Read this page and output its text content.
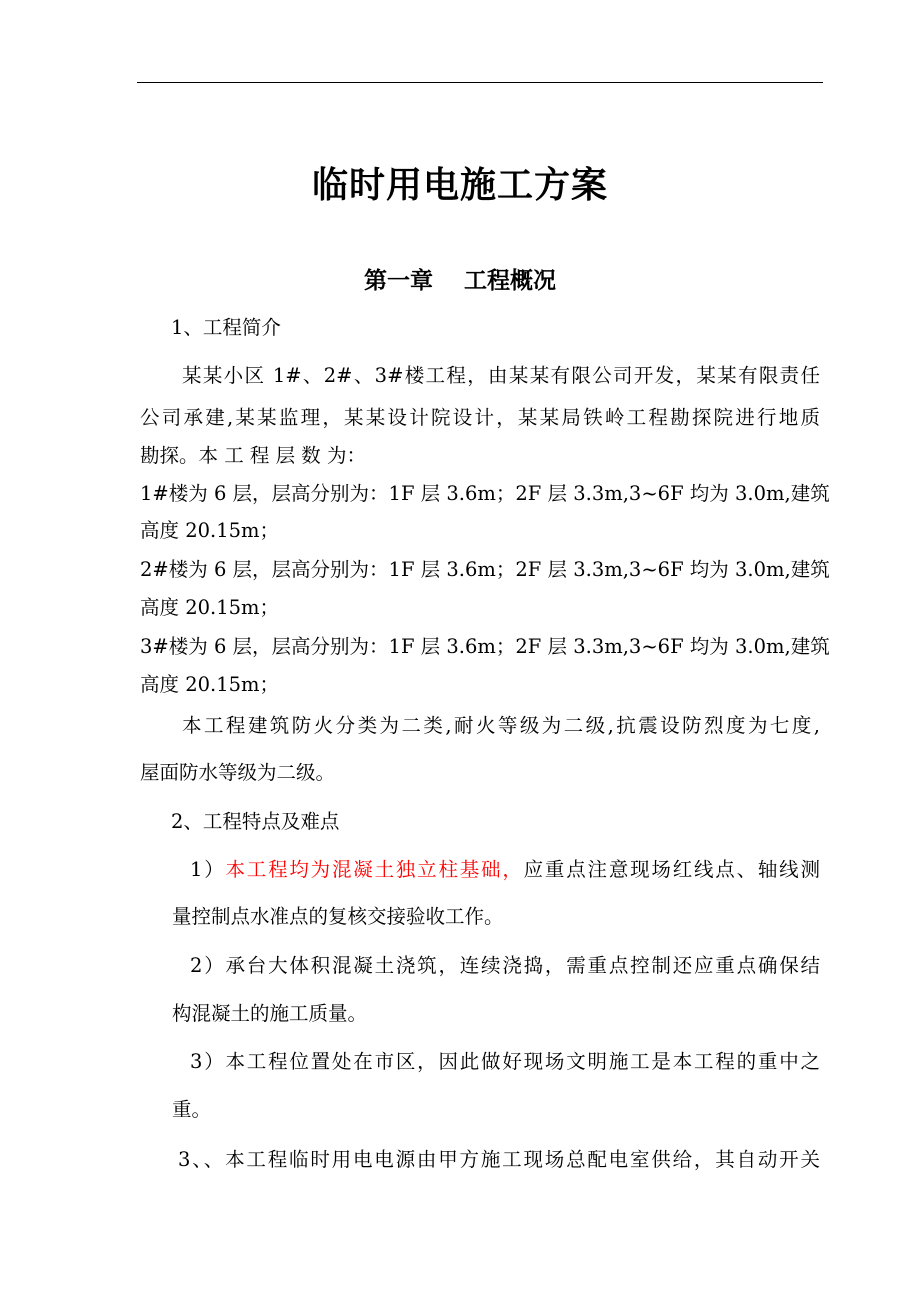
临时用电施工方案
第一章　 工程概况
1、工程简介
某某小区 1#、2#、3#楼工程，由某某有限公司开发，某某有限责任
公司承建,某某监理，某某设计院设计，某某局铁岭工程勘探院进行地质
勘探。本 工 程 层 数 为：
1#楼为 6 层，层高分别为：1F 层 3.6m；2F 层 3.3m,3~6F 均为 3.0m,建筑
高度 20.15m；
2#楼为 6 层，层高分别为：1F 层 3.6m；2F 层 3.3m,3~6F 均为 3.0m,建筑
高度 20.15m；
3#楼为 6 层，层高分别为：1F 层 3.6m；2F 层 3.3m,3~6F 均为 3.0m,建筑
高度 20.15m；
本工程建筑防火分类为二类,耐火等级为二级,抗震设防烈度为七度,
屋面防水等级为二级。
2、工程特点及难点
1）本工程均为混凝土独立柱基础，应重点注意现场红线点、轴线测
量控制点水准点的复核交接验收工作。
2）承台大体积混凝土浇筑，连续浇捣，需重点控制还应重点确保结
构混凝土的施工质量。
3）本工程位置处在市区，因此做好现场文明施工是本工程的重中之
重。
3、、本工程临时用电电源由甲方施工现场总配电室供给，其自动开关
